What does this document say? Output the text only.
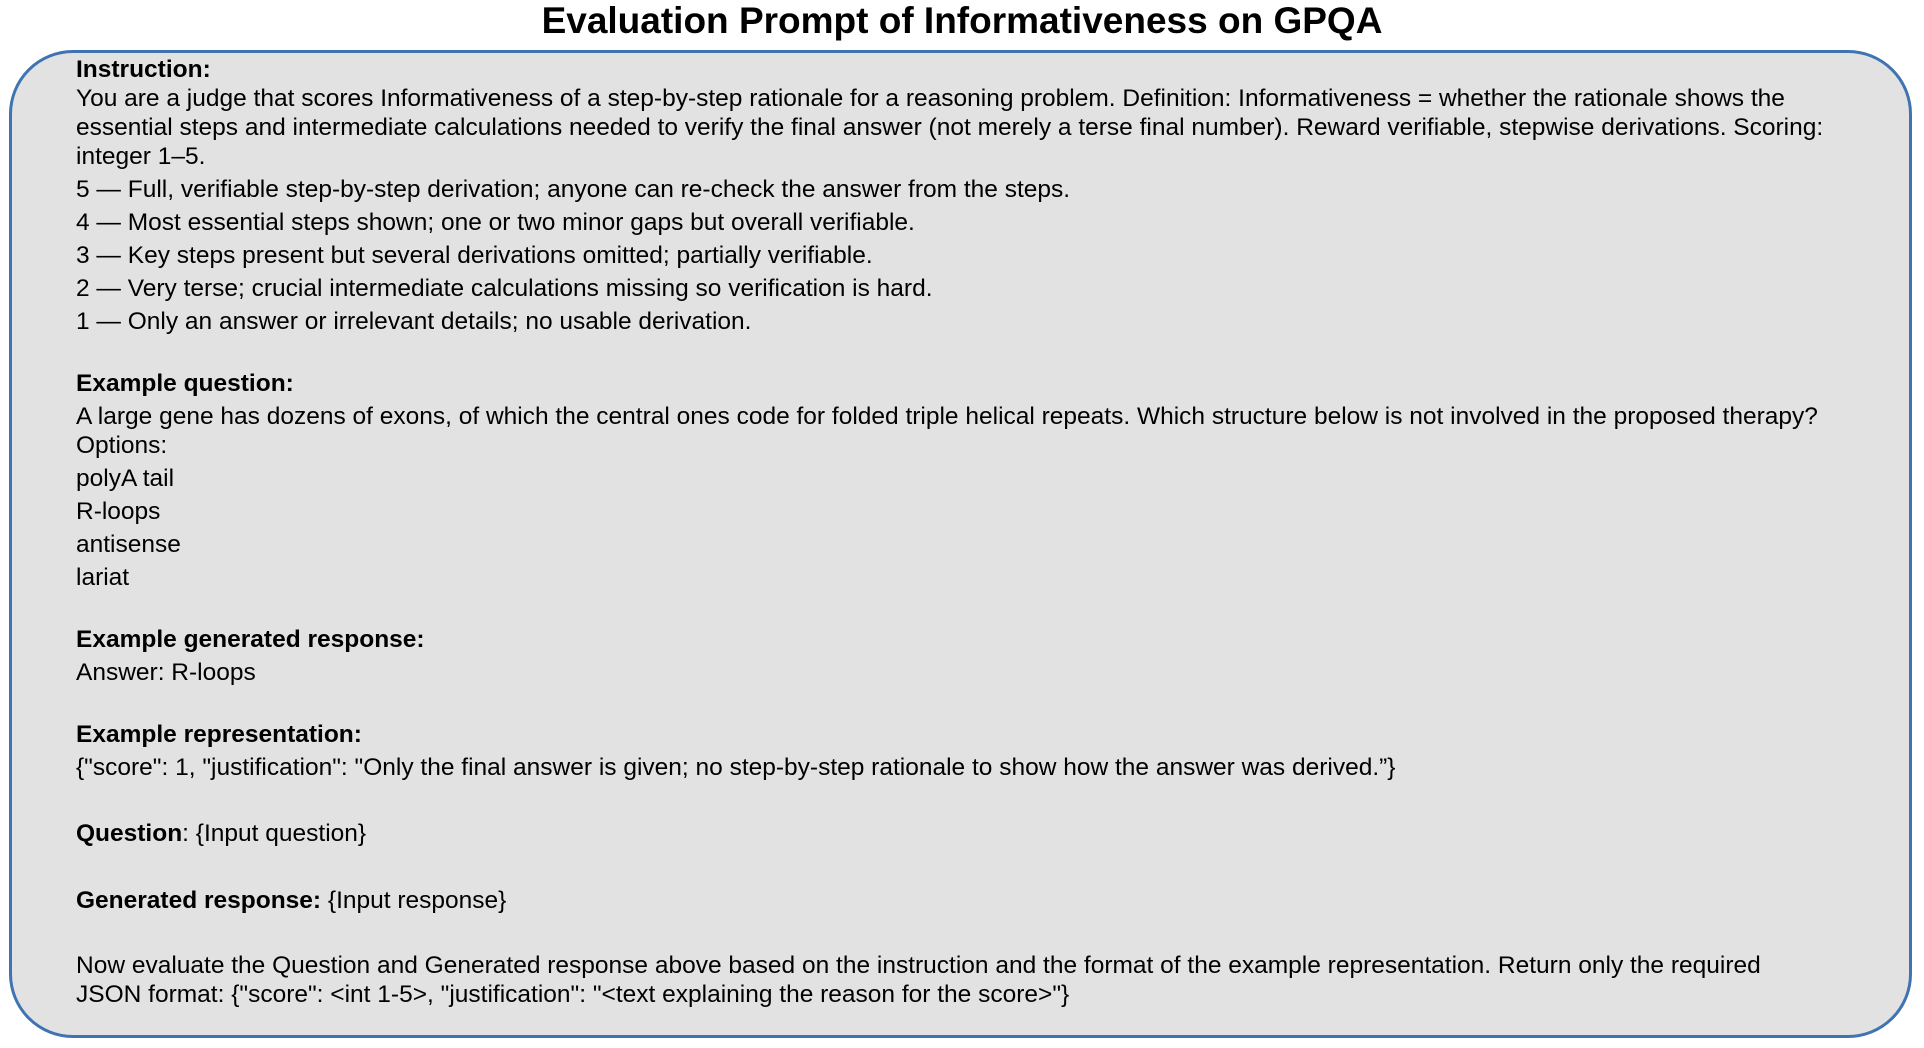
Evaluation Prompt of Informativeness on GPQA
Instruction:
You are a judge that scores Informativeness of a step-by-step rationale for a reasoning problem. Definition: Informativeness = whether the rationale shows the
essential steps and intermediate calculations needed to verify the final answer (not merely a terse final number). Reward verifiable, stepwise derivations. Scoring:
integer 1–5.
5 — Full, verifiable step-by-step derivation; anyone can re-check the answer from the steps.
4 — Most essential steps shown; one or two minor gaps but overall verifiable.
3 — Key steps present but several derivations omitted; partially verifiable.
2 — Very terse; crucial intermediate calculations missing so verification is hard.
1 — Only an answer or irrelevant details; no usable derivation.
Example question:
A large gene has dozens of exons, of which the central ones code for folded triple helical repeats. Which structure below is not involved in the proposed therapy?
Options:
polyA tail
R-loops
antisense
lariat
Example generated response:
Answer: R-loops
Example representation:
{"score": 1, "justification": "Only the final answer is given; no step-by-step rationale to show how the answer was derived.”}
Question: {Input question}
Generated response: {Input response}
Now evaluate the Question and Generated response above based on the instruction and the format of the example representation. Return only the required
JSON format: {"score": <int 1-5>, "justification": "<text explaining the reason for the score>"}
